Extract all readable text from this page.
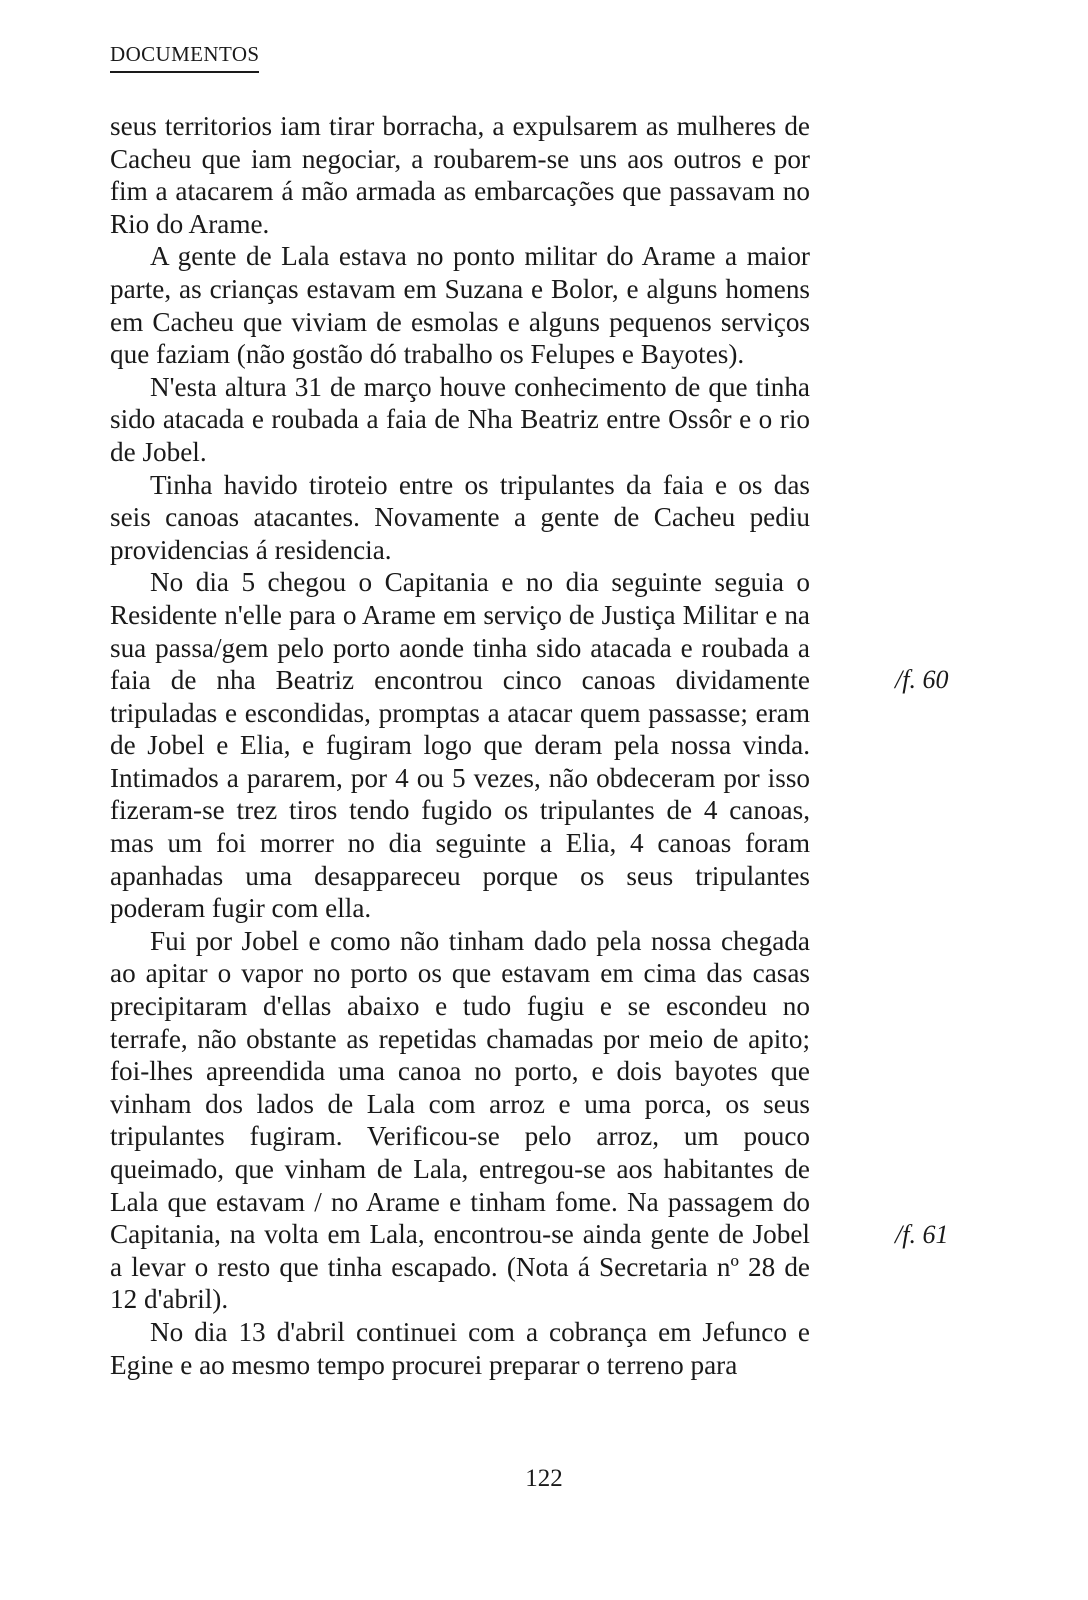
DOCUMENTOS

seus territorios iam tirar borracha, a expulsarem as mulheres de Cacheu que iam negociar, a roubarem-se uns aos outros e por fim a atacarem á mão armada as embarcações que passavam no Rio do Arame.

A gente de Lala estava no ponto militar do Arame a maior parte, as crianças estavam em Suzana e Bolor, e alguns homens em Cacheu que viviam de esmolas e alguns pequenos serviços que faziam (não gostão dó trabalho os Felupes e Bayotes).

N'esta altura 31 de março houve conhecimento de que tinha sido atacada e roubada a faia de Nha Beatriz entre Ossôr e o rio de Jobel.

Tinha havido tiroteio entre os tripulantes da faia e os das seis canoas atacantes. Novamente a gente de Cacheu pediu providencias á residencia.

No dia 5 chegou o Capitania e no dia seguinte seguia o Residente n'elle para o Arame em serviço de Justiça Militar e na sua passa/gem pelo porto aonde tinha sido atacada e roubada a faia de nha Beatriz encontrou cinco canoas dividamente tripuladas e escondidas, promptas a atacar quem passasse; eram de Jobel e Elia, e fugiram logo que deram pela nossa vinda. Intimados a pararem, por 4 ou 5 vezes, não obdeceram por isso fizeram-se trez tiros tendo fugido os tripulantes de 4 canoas, mas um foi morrer no dia seguinte a Elia, 4 canoas foram apanhadas uma desappareceu porque os seus tripulantes poderam fugir com ella.

Fui por Jobel e como não tinham dado pela nossa chegada ao apitar o vapor no porto os que estavam em cima das casas precipitaram d'ellas abaixo e tudo fugiu e se escondeu no terrafe, não obstante as repetidas chamadas por meio de apito; foi-lhes apreendida uma canoa no porto, e dois bayotes que vinham dos lados de Lala com arroz e uma porca, os seus tripulantes fugiram. Verificou-se pelo arroz, um pouco queimado, que vinham de Lala, entregou-se aos habitantes de Lala que estavam / no Arame e tinham fome. Na passagem do Capitania, na volta em Lala, encontrou-se ainda gente de Jobel a levar o resto que tinha escapado. (Nota á Secretaria nº 28 de 12 d'abril).

No dia 13 d'abril continuei com a cobrança em Jefunco e Egine e ao mesmo tempo procurei preparar o terreno para

/f. 60
/f. 61
122
